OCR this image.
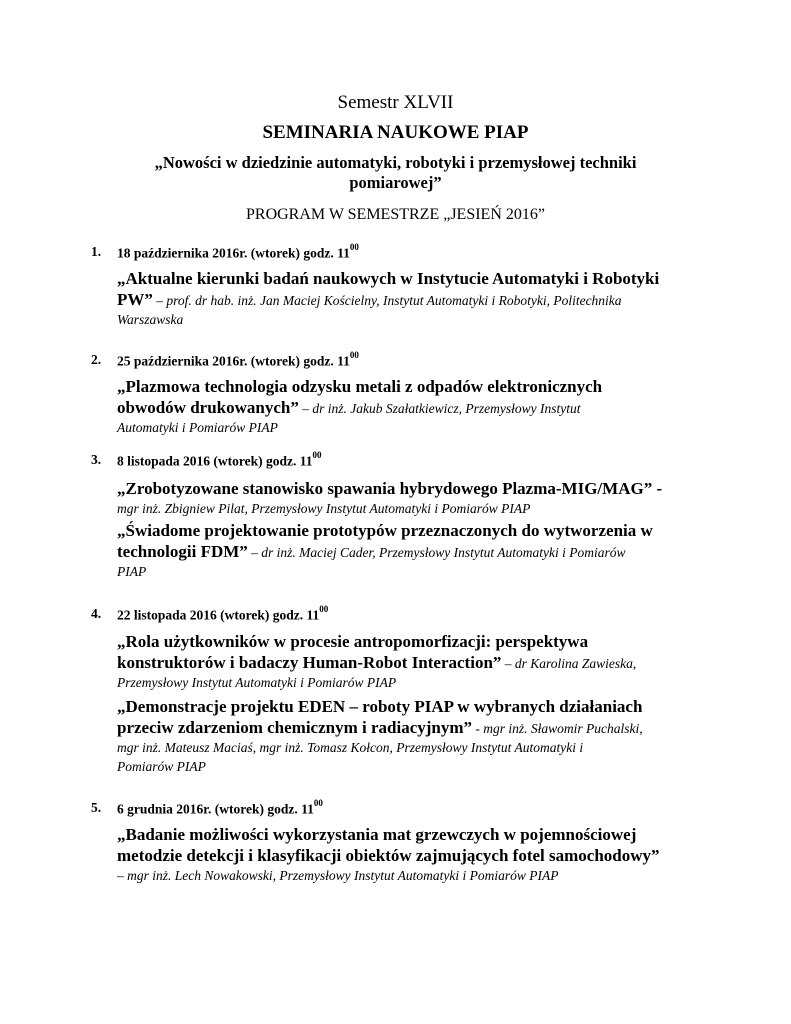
Semestr XLVII
SEMINARIA NAUKOWE PIAP
„Nowości w dziedzinie automatyki, robotyki i przemysłowej techniki
pomiarowej”
PROGRAM W SEMESTRZE „JESIEŃ 2016”
1. 18 października 2016r. (wtorek) godz. $11^{00}$
„Aktualne kierunki badań naukowych w Instytucie Automatyki i Robotyki
PW” – prof. dr hab. inż. Jan Maciej Kościelny, Instytut Automatyki i Robotyki, Politechnika
Warszawska
2. 25 października 2016r. (wtorek) godz. $11^{00}$
„Plazmowa technologia odzysku metali z odpadów elektronicznych
obwodów drukowanych” – dr inż. Jakub Szałatkiewicz, Przemysłowy Instytut
Automatyki i Pomiarów PIAP
3. 8 listopada 2016 (wtorek) godz. $11^{00}$
„Zrobotyzowane stanowisko spawania hybrydowego Plazma-MIG/MAG” -
mgr inż. Zbigniew Pilat, Przemysłowy Instytut Automatyki i Pomiarów PIAP
„Świadome projektowanie prototypów przeznaczonych do wytworzenia w
technologii FDM” – dr inż. Maciej Cader, Przemysłowy Instytut Automatyki i Pomiarów
PIAP
4. 22 listopada 2016 (wtorek) godz. $11^{00}$
„Rola użytkowników w procesie antropomorfizacji: perspektywa
konstruktorów i badaczy Human-Robot Interaction” – dr Karolina Zawieska,
Przemysłowy Instytut Automatyki i Pomiarów PIAP
„Demonstracje projektu EDEN – roboty PIAP w wybranych działaniach
przeciw zdarzeniom chemicznym i radiacyjnym” - mgr inż. Sławomir Puchalski,
mgr inż. Mateusz Maciaś, mgr inż. Tomasz Kołcon, Przemysłowy Instytut Automatyki i
Pomiarów PIAP
5. 6 grudnia 2016r. (wtorek) godz. $11^{00}$
„Badanie możliwości wykorzystania mat grzewczych w pojemnościowej
metodzie detekcji i klasyfikacji obiektów zajmujących fotel samochodowy”
– mgr inż. Lech Nowakowski, Przemysłowy Instytut Automatyki i Pomiarów PIAP
